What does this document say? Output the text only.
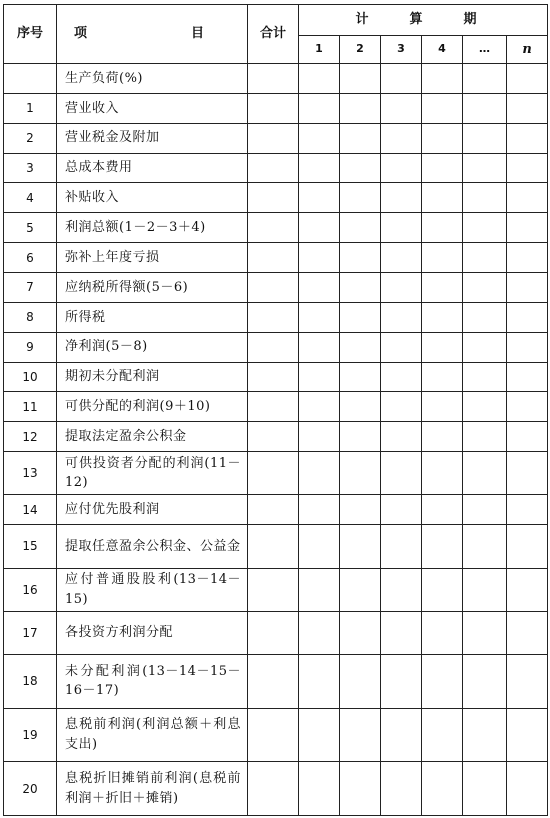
序号	项　　目	合计	计　算　期					
			1	2	3	4	…	n
	生产负荷(%)							
1	营业收入							
2	营业税金及附加							
3	总成本费用							
4	补贴收入							
5	利润总额(1－2－3＋4)							
6	弥补上年度亏损							
7	应纳税所得额(5－6)							
8	所得税							
9	净利润(5－8)							
10	期初未分配利润							
11	可供分配的利润(9＋10)							
12	提取法定盈余公积金							
13	可供投资者分配的利润(11－12)							
14	应付优先股利润							
15	提取任意盈余公积金、公益金							
16	应付普通股股利(13－14－15)							
17	各投资方利润分配							
18	未分配利润(13－14－15－16－17)							
19	息税前利润(利润总额＋利息支出)							
20	息税折旧摊销前利润(息税前利润＋折旧＋摊销)							
